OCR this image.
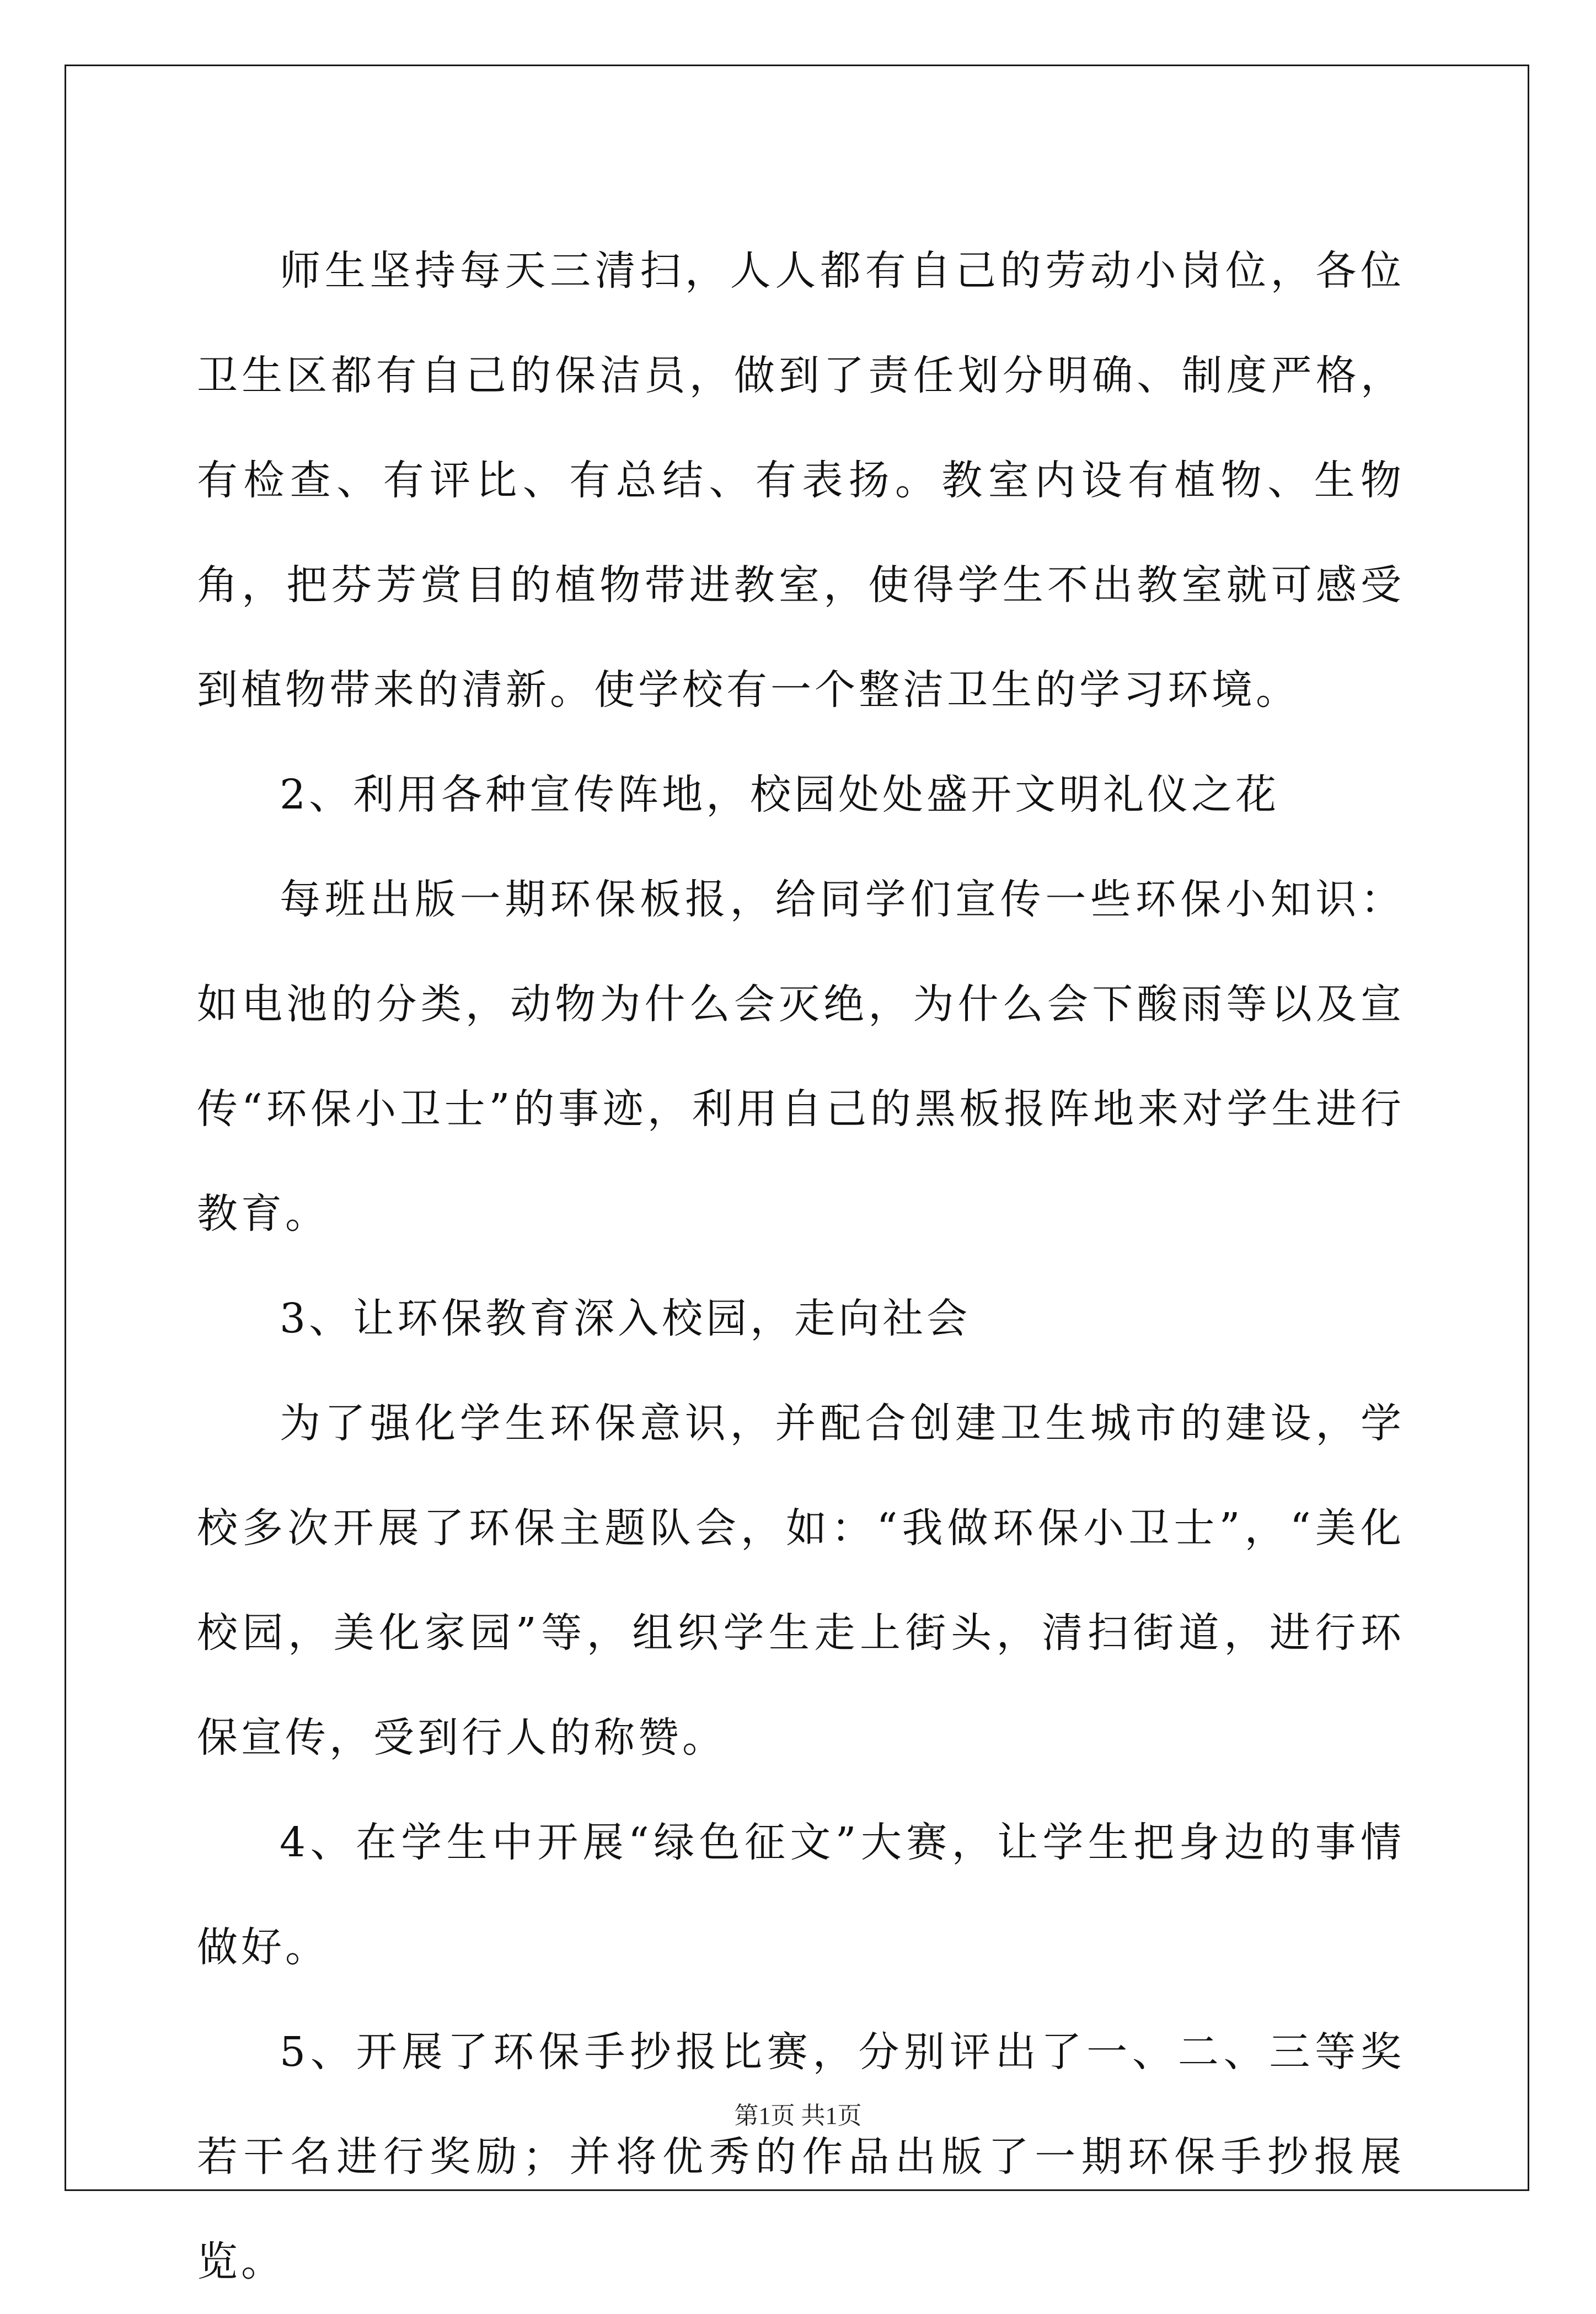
师生坚持每天三清扫，人人都有自己的劳动小岗位，各位卫生区都有自己的保洁员，做到了责任划分明确、制度严格，有检查、有评比、有总结、有表扬。教室内设有植物、生物角，把芬芳赏目的植物带进教室，使得学生不出教室就可感受到植物带来的清新。使学校有一个整洁卫生的学习环境。

2、利用各种宣传阵地，校园处处盛开文明礼仪之花

每班出版一期环保板报，给同学们宣传一些环保小知识：如电池的分类，动物为什么会灭绝，为什么会下酸雨等以及宣传“环保小卫士”的事迹，利用自己的黑板报阵地来对学生进行教育。

3、让环保教育深入校园，走向社会

为了强化学生环保意识，并配合创建卫生城市的建设，学校多次开展了环保主题队会，如：“我做环保小卫士”，“美化校园，美化家园”等，组织学生走上街头，清扫街道，进行环保宣传，受到行人的称赞。

4、在学生中开展“绿色征文”大赛，让学生把身边的事情做好。

5、开展了环保手抄报比赛，分别评出了一、二、三等奖若干名进行奖励；并将优秀的作品出版了一期环保手抄报展览。

第1页 共1页
